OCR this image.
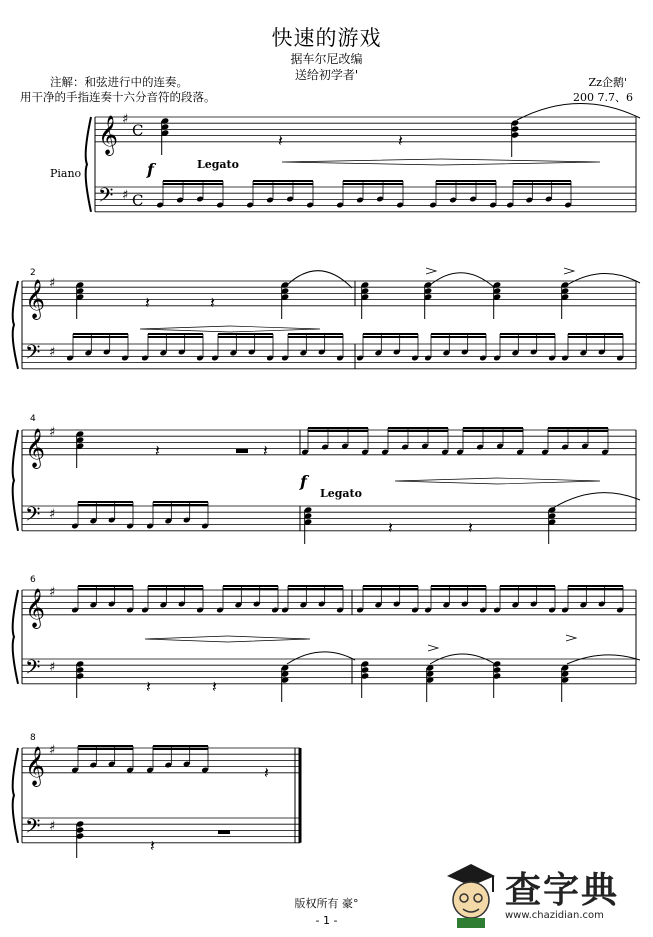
快速的游戏
据车尔尼改编
送给初学者'
注解：和弦进行中的连奏。
用干净的手指连奏十六分音符的段落。
Zz企鹅'
200 7.7、6
Piano	f	Legato
f
Legato
2
4
6
8
𝄞
𝄢
♯
♯
C
C
𝄞
𝄢
♯
♯
𝄞
𝄢
♯
♯
𝄞
𝄢
♯
♯
𝄞
𝄢
♯
♯
𝄽	𝄽
𝄽	𝄽
𝄽
𝄽	𝄽
𝄽	𝄽
𝄽
𝄽
𝄽
版权所有 豪°
- 1 -
查字典
www.chazidian.com
